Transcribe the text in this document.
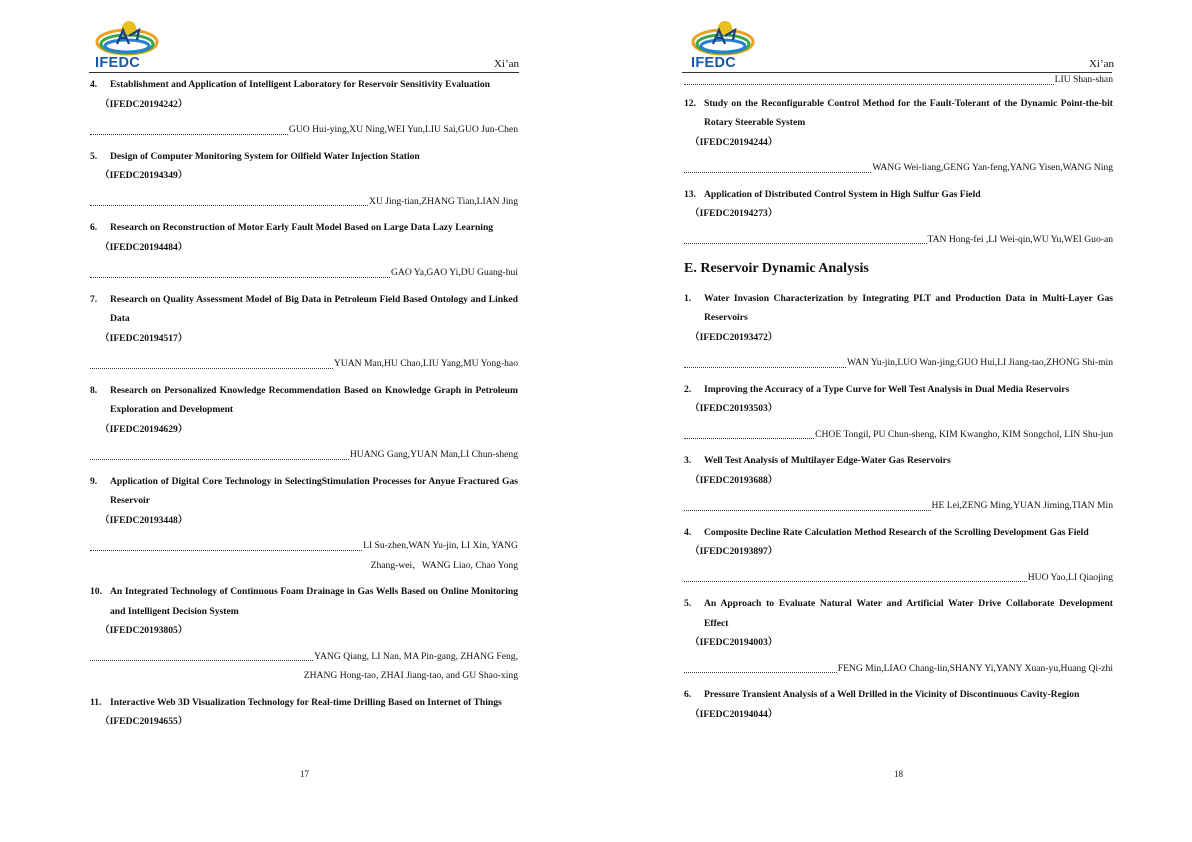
IFEDC	Xi’an
4.	Establishment and Application of Intelligent Laboratory for Reservoir Sensitivity Evaluation
（IFEDC20194242）
GUO Hui-ying,XU Ning,WEI Yun,LIU Sai,GUO Jun-Chen
5.	Design of Computer Monitoring System for Oilfield Water Injection Station
（IFEDC20194349）
XU Jing-tian,ZHANG Tian,LIAN Jing
6.	Research on Reconstruction of Motor Early Fault Model Based on Large Data Lazy Learning
（IFEDC20194484）
GAO Ya,GAO Yi,DU Guang-hui
7.	Research on Quality Assessment Model of Big Data in Petroleum Field Based Ontology and Linked Data
（IFEDC20194517）
YUAN Man,HU Chao,LIU Yang,MU Yong-hao
8.	Research on Personalized Knowledge Recommendation Based on Knowledge Graph in Petroleum Exploration and Development
（IFEDC20194629）
HUANG Gang,YUAN Man,LI Chun-sheng
9.	Application of Digital Core Technology in SelectingStimulation Processes for Anyue Fractured Gas Reservoir
（IFEDC20193448）
LI Su-zhen,WAN Yu-jin, LI Xin, YANG
Zhang-wei，WANG Liao, Chao Yong
10. An Integrated Technology of Continuous Foam Drainage in Gas Wells Based on Online Monitoring and Intelligent Decision System
（IFEDC20193805）
YANG Qiang, LI Nan, MA Pin-gang, ZHANG Feng,
ZHANG Hong-tao, ZHAI Jiang-tao, and GU Shao-xing
11. Interactive Web 3D Visualization Technology for Real-time Drilling Based on Internet of Things
（IFEDC20194655）
17
IFEDC	Xi’an
LIU Shan-shan
12. Study on the Reconfigurable Control Method for the Fault-Tolerant of the Dynamic Point-the-bit Rotary Steerable System
（IFEDC20194244）
WANG Wei-liang,GENG Yan-feng,YANG Yisen,WANG Ning
13. Application of Distributed Control System in High Sulfur Gas Field
（IFEDC20194273）
TAN Hong-fei ,LI Wei-qin,WU Yu,WEI Guo-an
E. Reservoir Dynamic Analysis
1.	Water Invasion Characterization by Integrating PLT and Production Data in Multi-Layer Gas Reservoirs
（IFEDC20193472）
WAN Yu-jin,LUO Wan-jing,GUO Hui,LI Jiang-tao,ZHONG Shi-min
2.	Improving the Accuracy of a Type Curve for Well Test Analysis in Dual Media Reservoirs
（IFEDC20193503）
CHOE Tongil, PU Chun-sheng, KIM Kwangho, KIM Songchol, LIN Shu-jun
3.	Well Test Analysis of Multilayer Edge-Water Gas Reservoirs
（IFEDC20193688）
HE Lei,ZENG Ming,YUAN Jiming,TIAN Min
4.	Composite Decline Rate Calculation Method Research of the Scrolling Development Gas Field
（IFEDC20193897）
HUO Yao,LI Qiaojing
5.	An Approach to Evaluate Natural Water and Artificial Water Drive Collaborate Development Effect
（IFEDC20194003）
FENG Min,LIAO Chang-lin,SHANY Yi,YANY Xuan-yu,Huang Qi-zhi
6.	Pressure Transient Analysis of a Well Drilled in the Vicinity of Discontinuous Cavity-Region
（IFEDC20194044）
18
